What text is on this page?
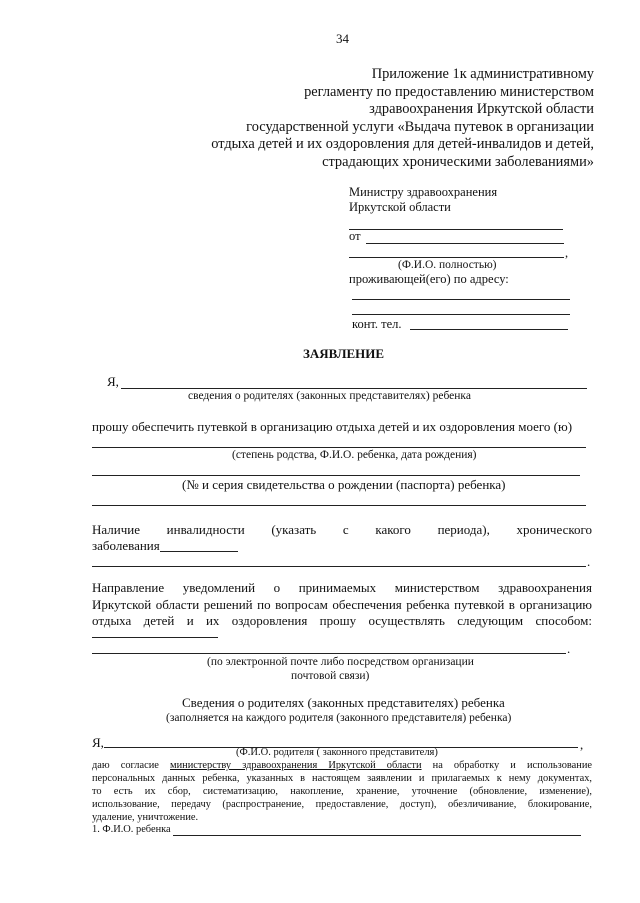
34
Приложение 1к административному
регламенту по предоставлению министерством
здравоохранения Иркутской области
государственной услуги «Выдача путевок в организации
отдыха детей и их оздоровления для детей-инвалидов и детей,
страдающих хроническими заболеваниями»
Министру здравоохранения
Иркутской области
от
,
(Ф.И.О. полностью)
проживающей(его) по адресу:
конт. тел.
ЗАЯВЛЕНИЕ
Я,
сведения о родителях (законных представителях) ребенка
прошу обеспечить путевкой в организацию отдыха детей и их оздоровления моего (ю)
(степень родства, Ф.И.О. ребенка, дата рождения)
(№ и серия свидетельства о рождении (паспорта) ребенка)
Наличие инвалидности (указать с какого периода), хронического
заболевания
.
Направление уведомлений о принимаемых министерством здравоохранения
Иркутской области решений по вопросам обеспечения ребенка путевкой в организацию
отдыха детей и их оздоровления прошу осуществлять следующим способом:
.
(по электронной почте либо посредством организации
почтовой связи)
Сведения о родителях (законных представителях) ребенка
(заполняется на каждого родителя (законного представителя) ребенка)
Я,	,
(Ф.И.О. родителя ( законного представителя)
даю согласие министерству здравоохранения Иркутской области на обработку и использование
персональных данных ребенка, указанных в настоящем заявлении и прилагаемых к нему документах,
то есть их сбор, систематизацию, накопление, хранение, уточнение (обновление, изменение),
использование, передачу (распространение, предоставление, доступ), обезличивание, блокирование,
удаление, уничтожение.
1. Ф.И.О. ребенка
